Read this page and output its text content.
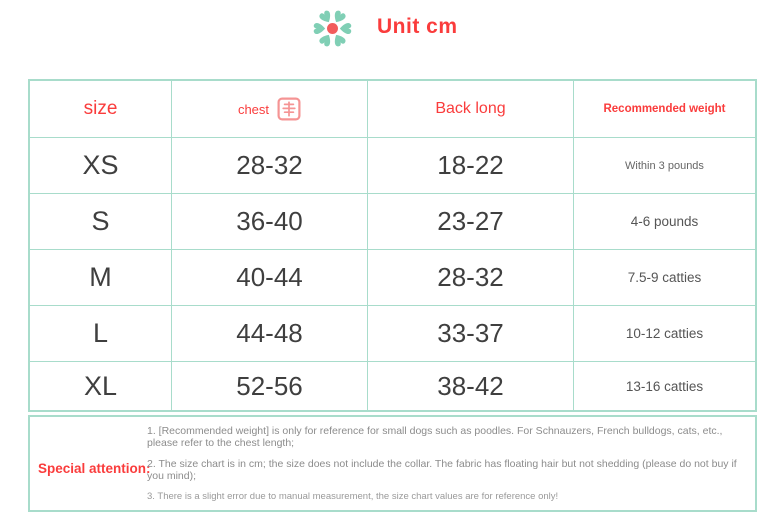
Unit cm
size	chest	Back long	Recommended weight
XS	28-32	18-22	Within 3 pounds
S	36-40	23-27	4-6 pounds
M	40-44	28-32	7.5-9 catties
L	44-48	33-37	10-12 catties
XL	52-56	38-42	13-16 catties
Special attention:
1. [Recommended weight] is only for reference for small dogs such as poodles. For Schnauzers, French bulldogs, cats, etc., please refer to the chest length;
2. The size chart is in cm; the size does not include the collar. The fabric has floating hair but not shedding (please do not buy if you mind);
3. There is a slight error due to manual measurement, the size chart values are for reference only!
